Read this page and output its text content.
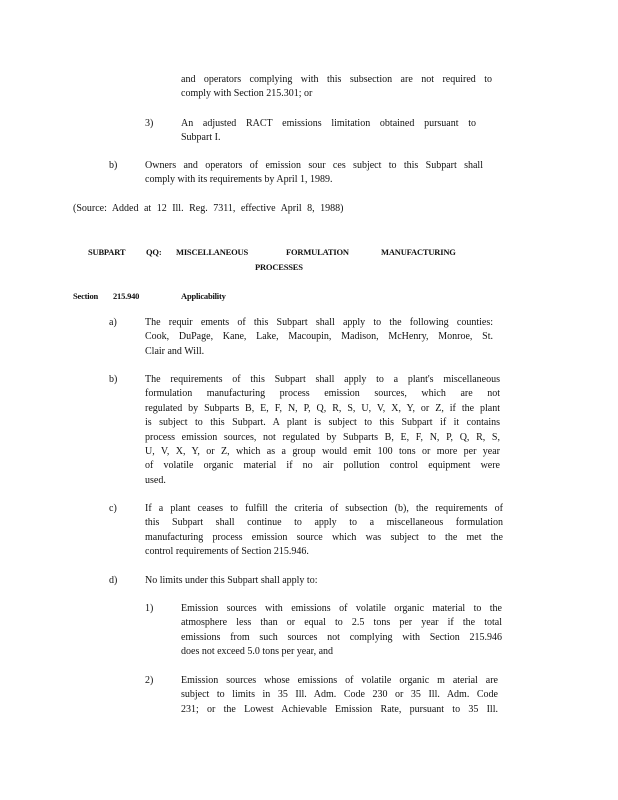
and operators complying with this subsection are not required to
comply with Section 215.301; or

3)	An adjusted RACT emissions limitation obtained pursuant to
Subpart I.

b)	Owners and operators of emission sour ces subject to this Subpart shall
comply with its requirements by April 1, 1989.

(Source: Added at 12 Ill. Reg. 7311, effective April 8, 1988)

SUBPART QQ: MISCELLANEOUS	FORMULATION	MANUFACTURING

PROCESSES

Section 215.940	Applicability

a)	The requir ements of this Subpart shall apply to the following counties:
Cook, DuPage, Kane, Lake, Macoupin, Madison, McHenry, Monroe, St.
Clair and Will.

b)	The requirements of this Subpart shall apply to a plant's miscellaneous
formulation manufacturing process emission sources, which are not
regulated by Subparts B, E, F, N, P, Q, R, S, U, V, X, Y, or Z, if the plant
is subject to this Subpart. A plant is subject to this Subpart if it contains
process emission sources, not regulated by Subparts B, E, F, N, P, Q, R, S,
U, V, X, Y, or Z, which as a group would emit 100 tons or more per year
of volatile organic material if no air pollution control equipment were
used.

c)	If a plant ceases to fulfill the criteria of subsection (b), the requirements of
this Subpart shall continue to apply to a miscellaneous formulation
manufacturing process emission source which was subject to the met the
control requirements of Section 215.946.

d)	No limits under this Subpart shall apply to:

1)	Emission sources with emissions of volatile organic material to the
atmosphere less than or equal to 2.5 tons per year if the total
emissions from such sources not complying with Section 215.946
does not exceed 5.0 tons per year, and

2)	Emission sources whose emissions of volatile organic m aterial are
subject to limits in 35 Ill. Adm. Code 230 or 35 Ill. Adm. Code
231; or the Lowest Achievable Emission Rate, pursuant to 35 Ill.
